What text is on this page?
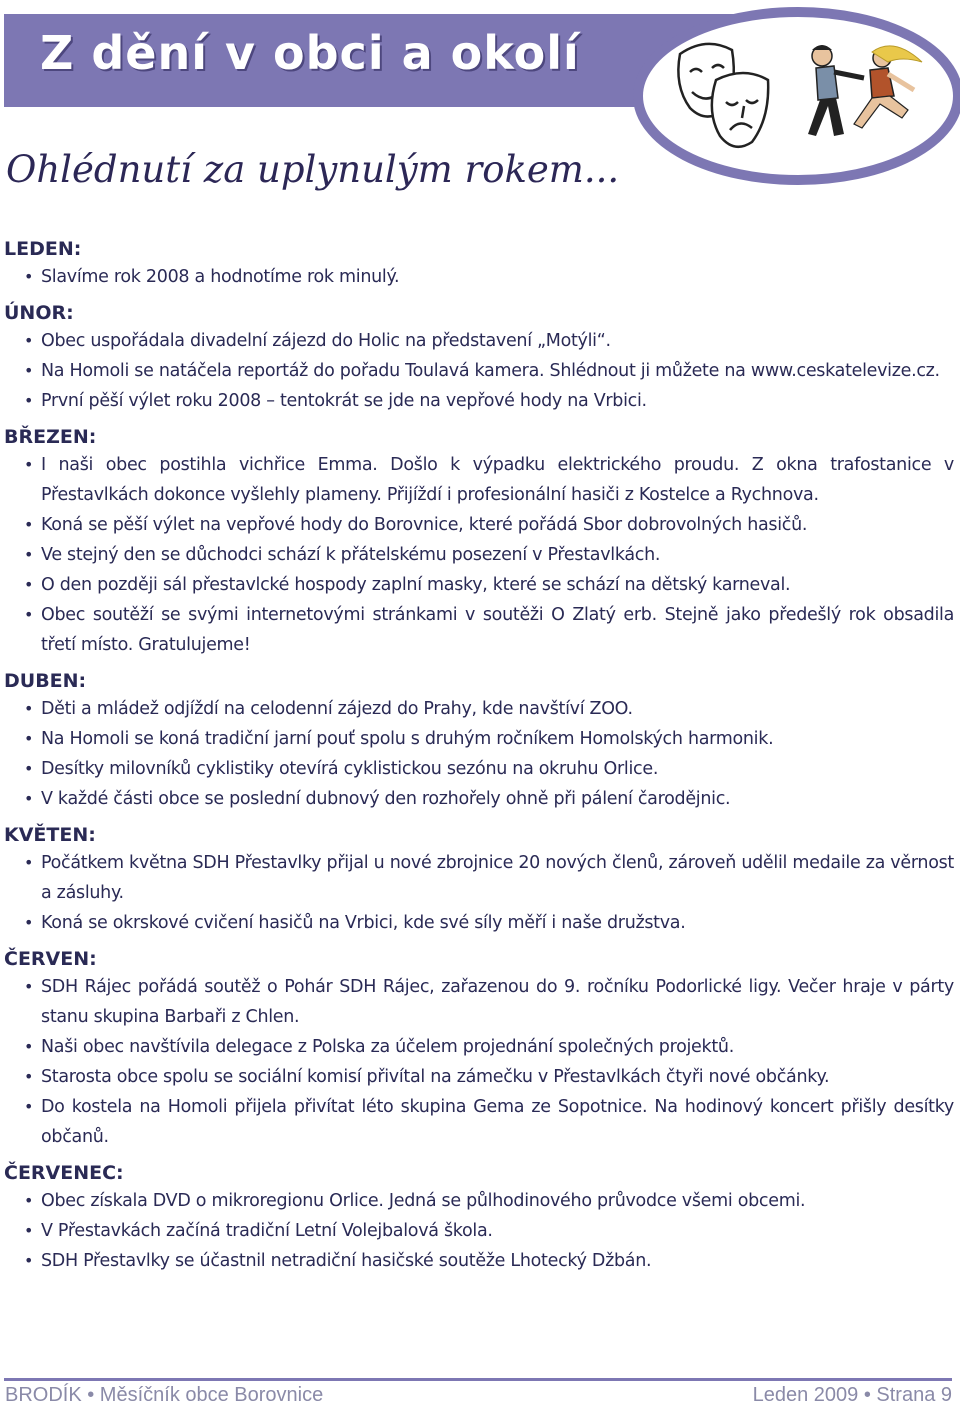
Z dění v obci a okolí
Ohlédnutí za uplynulým rokem...
LEDEN:
• Slavíme rok 2008 a hodnotíme rok minulý.
ÚNOR:
• Obec uspořádala divadelní zájezd do Holic na představení „Motýli“.
• Na Homoli se natáčela reportáž do pořadu Toulavá kamera. Shlédnout ji můžete na www.ceskatelevize.cz.
• První pěší výlet roku 2008 – tentokrát se jde na vepřové hody na Vrbici.
BŘEZEN:
• I naši obec postihla vichřice Emma. Došlo k výpadku elektrického proudu. Z okna trafostanice v Přestavlkách dokonce vyšlehly plameny. Přijíždí i profesionální hasiči z Kostelce a Rychnova.
• Koná se pěší výlet na vepřové hody do Borovnice, které pořádá Sbor dobrovolných hasičů.
• Ve stejný den se důchodci schází k přátelskému posezení v Přestavlkách.
• O den později sál přestavlcké hospody zaplní masky, které se schází na dětský karneval.
• Obec soutěží se svými internetovými stránkami v soutěži O Zlatý erb. Stejně jako předešlý rok obsadila třetí místo. Gratulujeme!
DUBEN:
• Děti a mládež odjíždí na celodenní zájezd do Prahy, kde navštíví ZOO.
• Na Homoli se koná tradiční jarní pouť spolu s druhým ročníkem Homolských harmonik.
• Desítky milovníků cyklistiky otevírá cyklistickou sezónu na okruhu Orlice.
• V každé části obce se poslední dubnový den rozhořely ohně při pálení čarodějnic.
KVĚTEN:
• Počátkem května SDH Přestavlky přijal u nové zbrojnice 20 nových členů, zároveň udělil medaile za věrnost a zásluhy.
• Koná se okrskové cvičení hasičů na Vrbici, kde své síly měří i naše družstva.
ČERVEN:
• SDH Rájec pořádá soutěž o Pohár SDH Rájec, zařazenou do 9. ročníku Podorlické ligy. Večer hraje v párty stanu skupina Barbaři z Chlen.
• Naši obec navštívila delegace z Polska za účelem projednání společných projektů.
• Starosta obce spolu se sociální komisí přivítal na zámečku v Přestavlkách čtyři nové občánky.
• Do kostela na Homoli přijela přivítat léto skupina Gema ze Sopotnice. Na hodinový koncert přišly desítky občanů.
ČERVENEC:
• Obec získala DVD o mikroregionu Orlice. Jedná se půlhodinového průvodce všemi obcemi.
• V Přestavkách začíná tradiční Letní Volejbalová škola.
• SDH Přestavlky se účastnil netradiční hasičské soutěže Lhotecký Džbán.
BRODÍK • Měsíčník obce Borovnice	Leden 2009 • Strana 9
